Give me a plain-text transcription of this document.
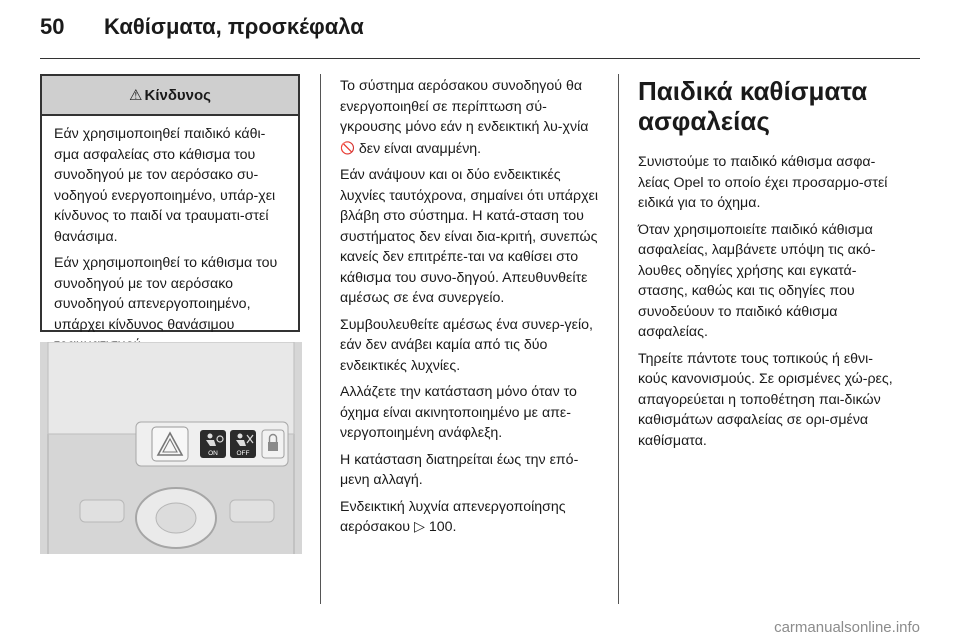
50	Καθίσματα, προσκέφαλα
⚠ Κίνδυνος

Εάν χρησιμοποιηθεί παιδικό κάθι-σμα ασφαλείας στο κάθισμα του συνοδηγού με τον αερόσακο συ-νοδηγού ενεργοποιημένο, υπάρ-χει κίνδυνος το παιδί να τραυματι-στεί θανάσιμα.

Εάν χρησιμοποιηθεί το κάθισμα του συνοδηγού με τον αερόσακο συνοδηγού απενεργοποιημένο, υπάρχει κίνδυνος θανάσιμου

ON	OFF

Το σύστημα αερόσακου συνοδηγού θα ενεργοποιηθεί σε περίπτωση σύ-γκρουσης μόνο εάν η ενδεικτική λυ-χνία 🚫 δεν είναι αναμμένη.

Εάν ανάψουν και οι δύο ενδεικτικές λυχνίες ταυτόχρονα, σημαίνει ότι υπάρχει βλάβη στο σύστημα. Η κατά-σταση του συστήματος δεν είναι δια-κριτή, συνεπώς κανείς δεν επιτρέπε-ται να καθίσει στο κάθισμα του συνο-δηγού. Απευθυνθείτε αμέσως σε ένα συνεργείο.

Συμβουλευθείτε αμέσως ένα συνερ-γείο, εάν δεν ανάβει καμία από τις δύο ενδεικτικές λυχνίες.

Αλλάζετε την κατάσταση μόνο όταν το όχημα είναι ακινητοποιημένο με απε-νεργοποιημένη ανάφλεξη.

Η κατάσταση διατηρείται έως την επό-μενη αλλαγή.

Ενδεικτική λυχνία απενεργοποίησης αερόσακου ▷ 100.

Παιδικά καθίσματα ασφαλείας

Συνιστούμε το παιδικό κάθισμα ασφα-λείας Opel το οποίο έχει προσαρμο-στεί ειδικά για το όχημα.

Όταν χρησιμοποιείτε παιδικό κάθισμα ασφαλείας, λαμβάνετε υπόψη τις ακό-λουθες οδηγίες χρήσης και εγκατά-στασης, καθώς και τις οδηγίες που συνοδεύουν το παιδικό κάθισμα ασφαλείας.

Τηρείτε πάντοτε τους τοπικούς ή εθνι-κούς κανονισμούς. Σε ορισμένες χώ-ρες, απαγορεύεται η τοποθέτηση παι-δικών καθισμάτων ασφαλείας σε ορι-σμένα καθίσματα.

carmanualsonline.info
